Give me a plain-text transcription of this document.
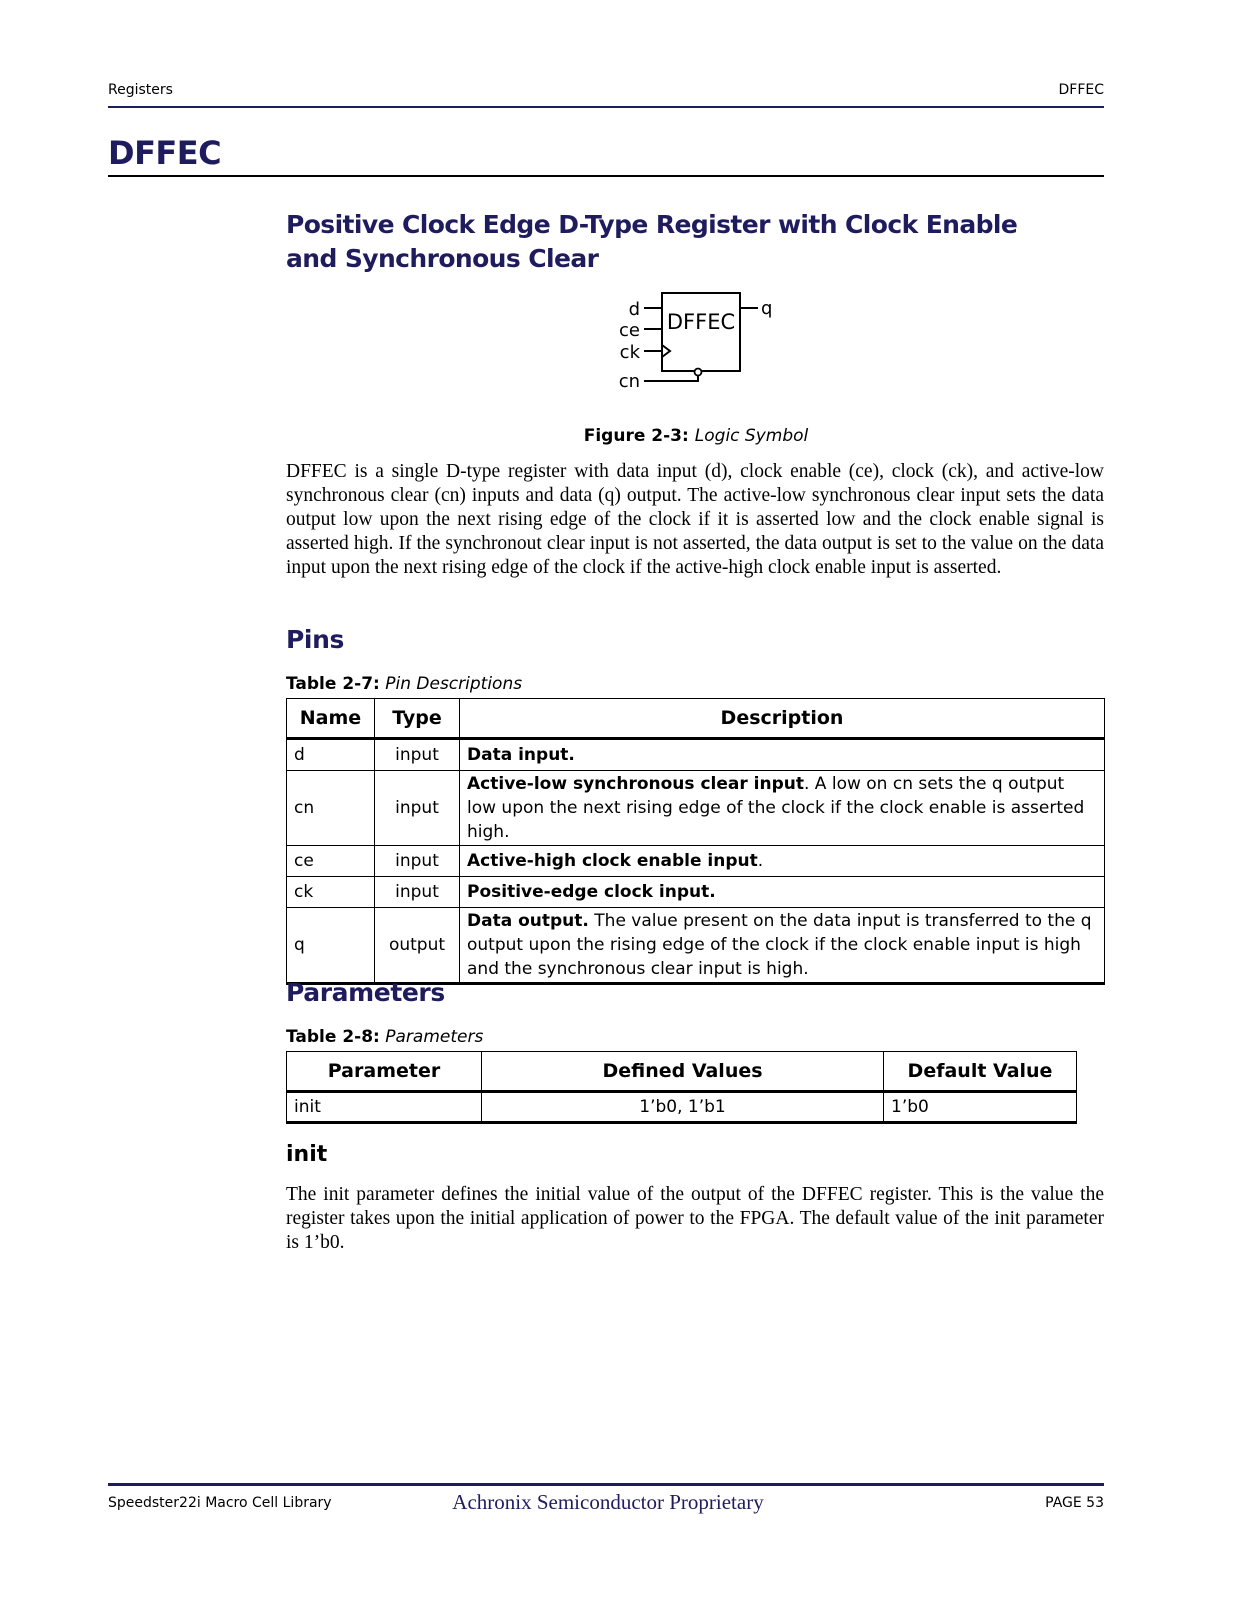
Registers	DFFEC
DFFEC
Positive Clock Edge D-Type Register with Clock Enable and Synchronous Clear
DFFEC
d
ce
ck
cn
q
Figure 2-3: Logic Symbol

DFFEC is a single D-type register with data input (d), clock enable (ce), clock (ck), and active-low synchronous clear (cn) inputs and data (q) output. The active-low synchronous clear input sets the data output low upon the next rising edge of the clock if it is asserted low and the clock enable signal is asserted high. If the synchronout clear input is not asserted, the data output is set to the value on the data input upon the next rising edge of the clock if the active-high clock enable input is asserted.

Pins
Table 2-7: Pin Descriptions
Name	Type	Description
d	input	Data input.
cn	input	Active-low synchronous clear input. A low on cn sets the q output low upon the next rising edge of the clock if the clock enable is asserted high.
ce	input	Active-high clock enable input.
ck	input	Positive-edge clock input.
q	output	Data output. The value present on the data input is transferred to the q output upon the rising edge of the clock if the clock enable input is high and the synchronous clear input is high.
Parameters
Table 2-8: Parameters
Parameter	Defined Values	Default Value
init	1’b0, 1’b1	1’b0
init

The init parameter defines the initial value of the output of the DFFEC register. This is the value the register takes upon the initial application of power to the FPGA. The default value of the init parameter is 1’b0.

Speedster22i Macro Cell Library	Achronix Semiconductor Proprietary	PAGE 53
